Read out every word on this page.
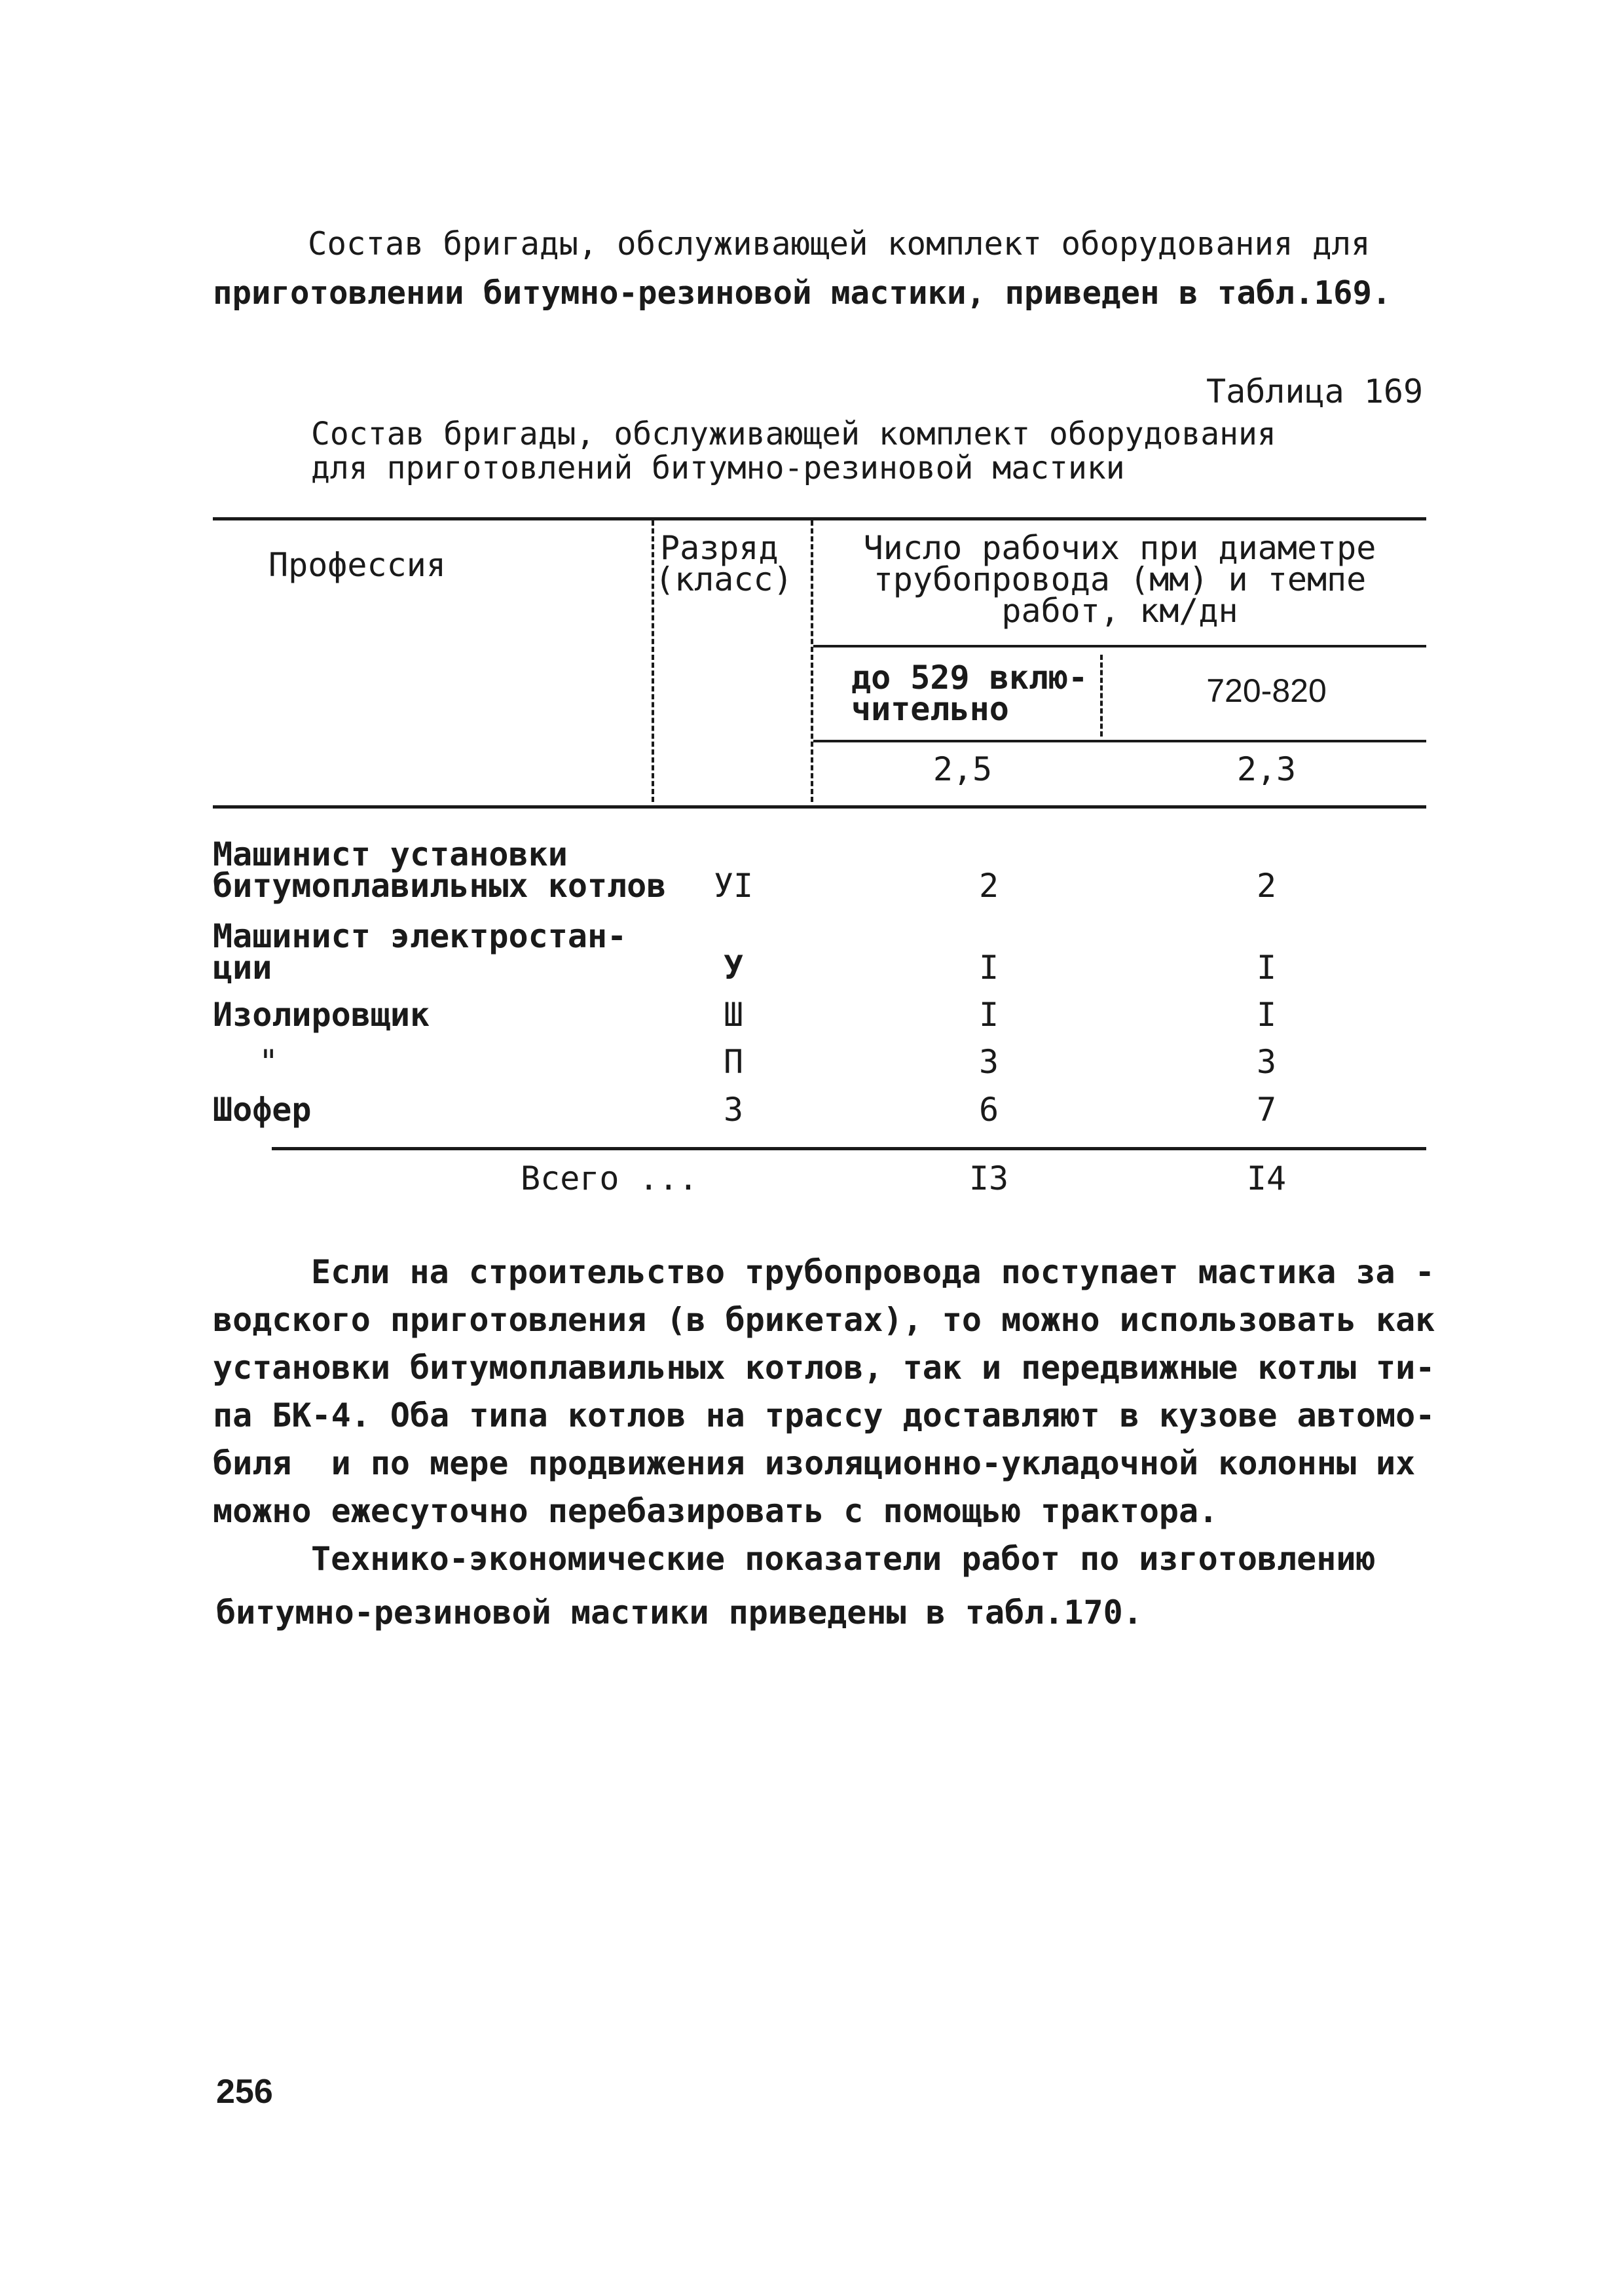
Состав бригады, обслуживающей комплект оборудования для
приготовлении битумно-резиновой мастики, приведен в табл.169.
Таблица 169
Состав бригады, обслуживающей комплект оборудования
для приготовлений битумно-резиновой мастики
Профессия	Разряд
(класс)
Число рабочих при диаметре
трубопровода (мм) и темпе
работ, км/дн
до 529 вклю-
чительно	720-820
2,5	2,3
Машинист установки
битумоплавильных котлов	УI	2	2
Машинист электростан-
ции	У	I	I
Изолировщик	Ш	I	I
"	П	3	3
Шофер	3	6	7
Всего ...	I3	I4
Если на строительство трубопровода поступает мастика за -
водского приготовления (в брикетах), то можно использовать как
установки битумоплавильных котлов, так и передвижные котлы ти-
па БК-4. Оба типа котлов на трассу доставляют в кузове автомо-
биля  и по мере продвижения изоляционно-укладочной колонны их
можно ежесуточно перебазировать с помощью трактора.
Технико-экономические показатели работ по изготовлению
битумно-резиновой мастики приведены в табл.170.
256
